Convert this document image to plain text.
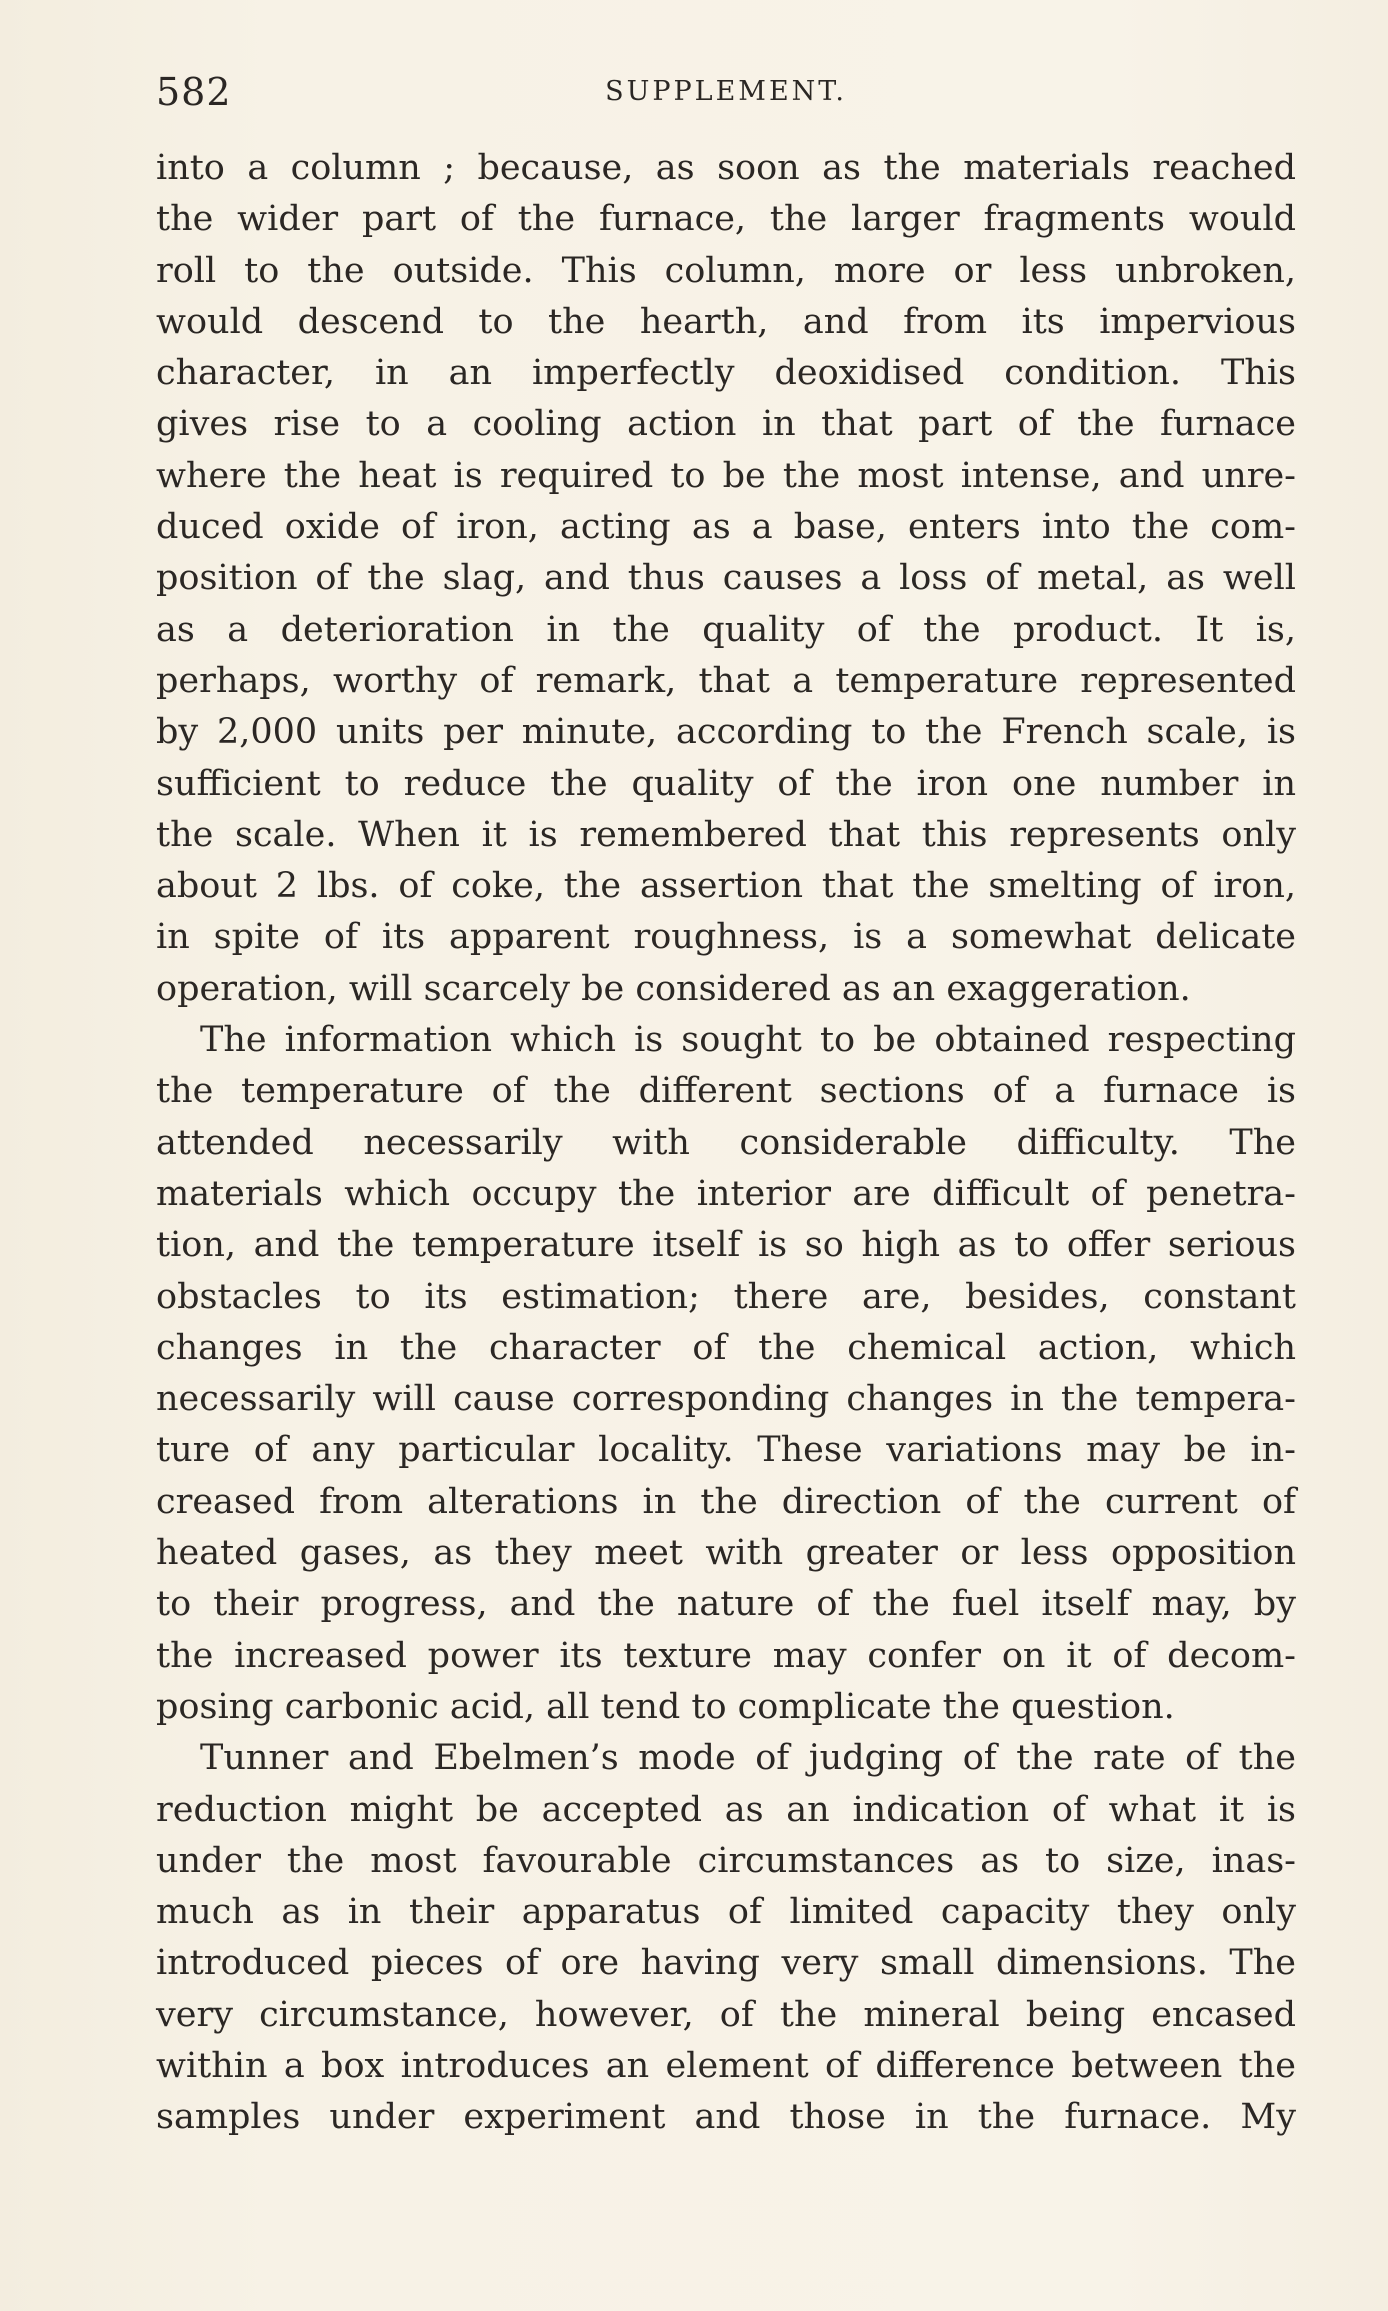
582	SUPPLEMENT.
into a column ; because, as soon as the materials reached
the wider part of the furnace, the larger fragments would
roll to the outside. This column, more or less unbroken,
would descend to the hearth, and from its impervious
character, in an imperfectly deoxidised condition. This
gives rise to a cooling action in that part of the furnace
where the heat is required to be the most intense, and unre-
duced oxide of iron, acting as a base, enters into the com-
position of the slag, and thus causes a loss of metal, as well
as a deterioration in the quality of the product. It is,
perhaps, worthy of remark, that a temperature represented
by 2,000 units per minute, according to the French scale, is
sufficient to reduce the quality of the iron one number in
the scale. When it is remembered that this represents only
about 2 lbs. of coke, the assertion that the smelting of iron,
in spite of its apparent roughness, is a somewhat delicate
operation, will scarcely be considered as an exaggeration.
The information which is sought to be obtained respecting
the temperature of the different sections of a furnace is
attended necessarily with considerable difficulty. The
materials which occupy the interior are difficult of penetra-
tion, and the temperature itself is so high as to offer serious
obstacles to its estimation; there are, besides, constant
changes in the character of the chemical action, which
necessarily will cause corresponding changes in the tempera-
ture of any particular locality. These variations may be in-
creased from alterations in the direction of the current of
heated gases, as they meet with greater or less opposition
to their progress, and the nature of the fuel itself may, by
the increased power its texture may confer on it of decom-
posing carbonic acid, all tend to complicate the question.
Tunner and Ebelmen’s mode of judging of the rate of the
reduction might be accepted as an indication of what it is
under the most favourable circumstances as to size, inas-
much as in their apparatus of limited capacity they only
introduced pieces of ore having very small dimensions. The
very circumstance, however, of the mineral being encased
within a box introduces an element of difference between the
samples under experiment and those in the furnace. My
